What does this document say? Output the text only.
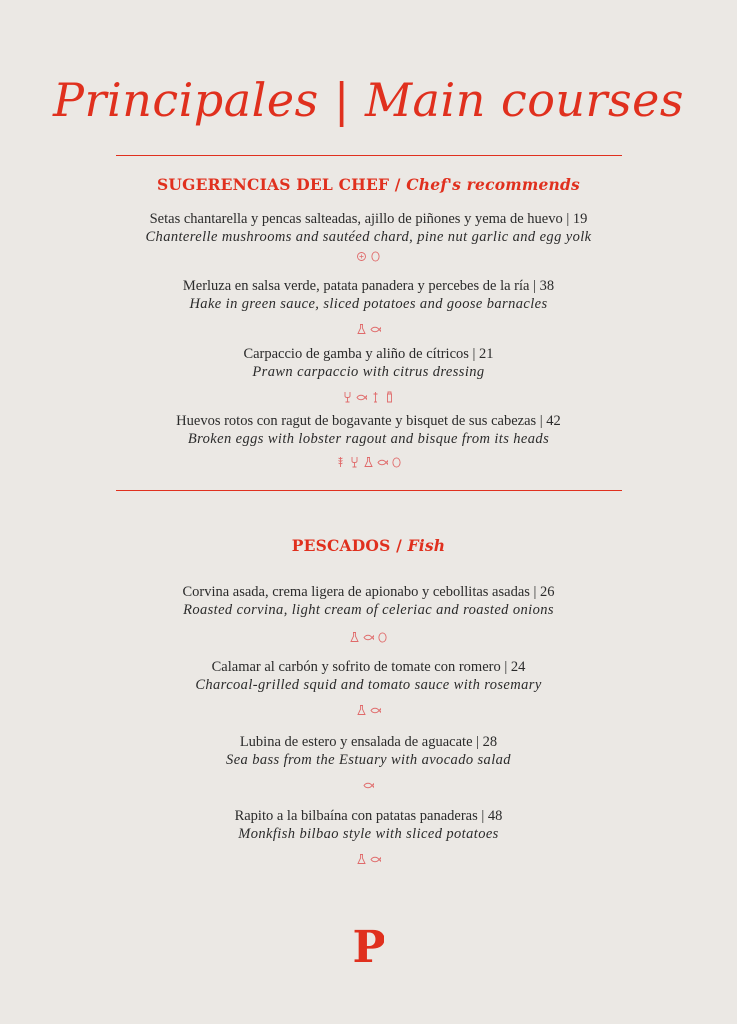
Principales | Main courses
SUGERENCIAS DEL CHEF / Chef's recommends
Setas chantarella y pencas salteadas, ajillo de piñones y yema de huevo | 19
Chanterelle mushrooms and sautéed chard, pine nut garlic and egg yolk
Merluza en salsa verde, patata panadera y percebes de la ría | 38
Hake in green sauce, sliced potatoes and goose barnacles
Carpaccio de gamba y aliño de cítricos | 21
Prawn carpaccio with citrus dressing
Huevos rotos con ragut de bogavante y bisquet de sus cabezas | 42
Broken eggs with lobster ragout and bisque from its heads
PESCADOS / Fish
Corvina asada, crema ligera de apionabo y cebollitas asadas | 26
Roasted corvina, light cream of celeriac and roasted onions
Calamar al carbón y sofrito de tomate con romero | 24
Charcoal-grilled squid and tomato sauce with rosemary
Lubina de estero y ensalada de aguacate | 28
Sea bass from the Estuary with avocado salad
Rapito a la bilbaína con patatas panaderas | 48
Monkfish bilbao style with sliced potatoes
P
